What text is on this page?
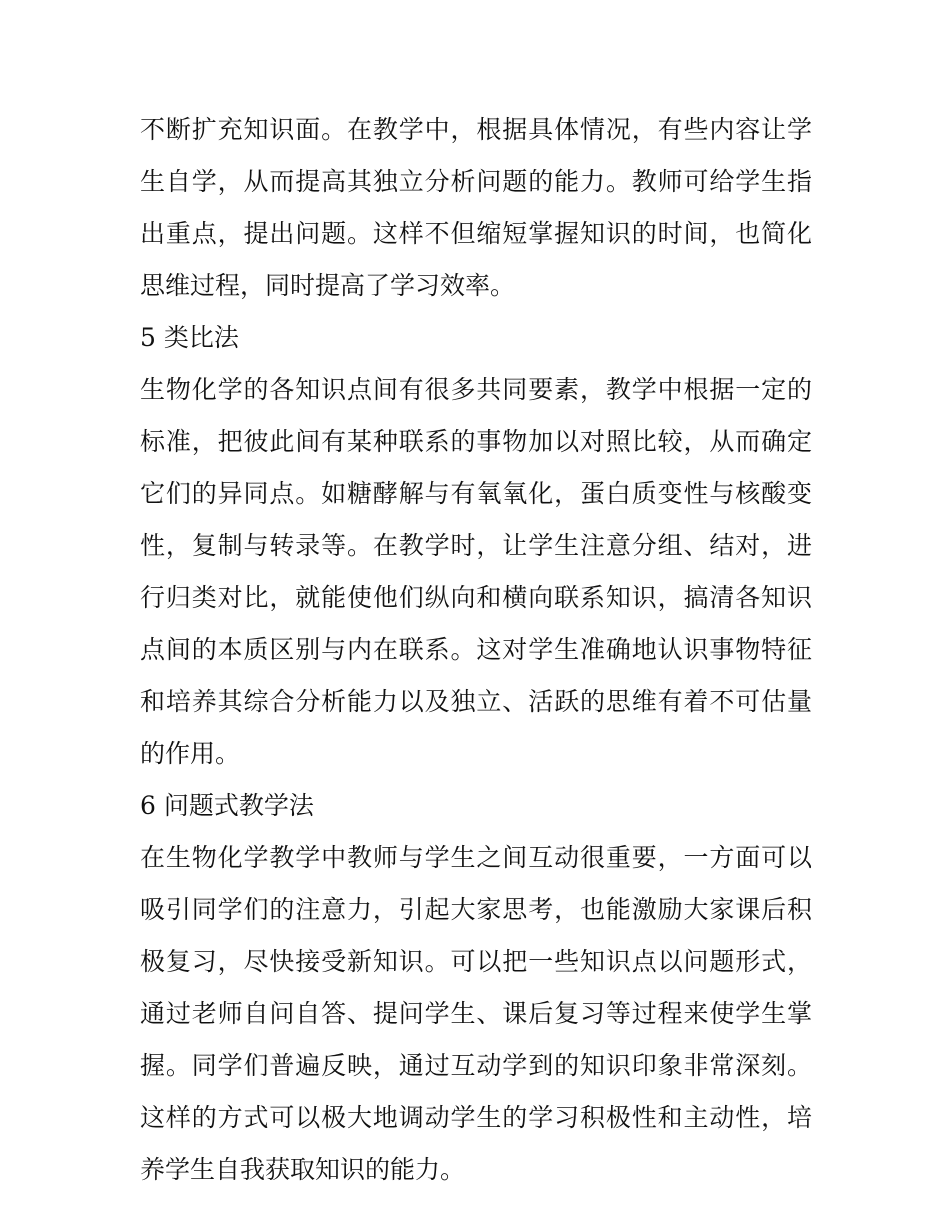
不断扩充知识面。在教学中，根据具体情况，有些内容让学生自学，从而提高其独立分析问题的能力。教师可给学生指出重点，提出问题。这样不但缩短掌握知识的时间，也简化思维过程，同时提高了学习效率。

5 类比法

生物化学的各知识点间有很多共同要素，教学中根据一定的标准，把彼此间有某种联系的事物加以对照比较，从而确定它们的异同点。如糖酵解与有氧氧化，蛋白质变性与核酸变性，复制与转录等。在教学时，让学生注意分组、结对，进行归类对比，就能使他们纵向和横向联系知识，搞清各知识点间的本质区别与内在联系。这对学生准确地认识事物特征和培养其综合分析能力以及独立、活跃的思维有着不可估量的作用。

6 问题式教学法

在生物化学教学中教师与学生之间互动很重要，一方面可以吸引同学们的注意力，引起大家思考，也能激励大家课后积极复习，尽快接受新知识。可以把一些知识点以问题形式，通过老师自问自答、提问学生、课后复习等过程来使学生掌握。同学们普遍反映，通过互动学到的知识印象非常深刻。这样的方式可以极大地调动学生的学习积极性和主动性，培养学生自我获取知识的能力。
